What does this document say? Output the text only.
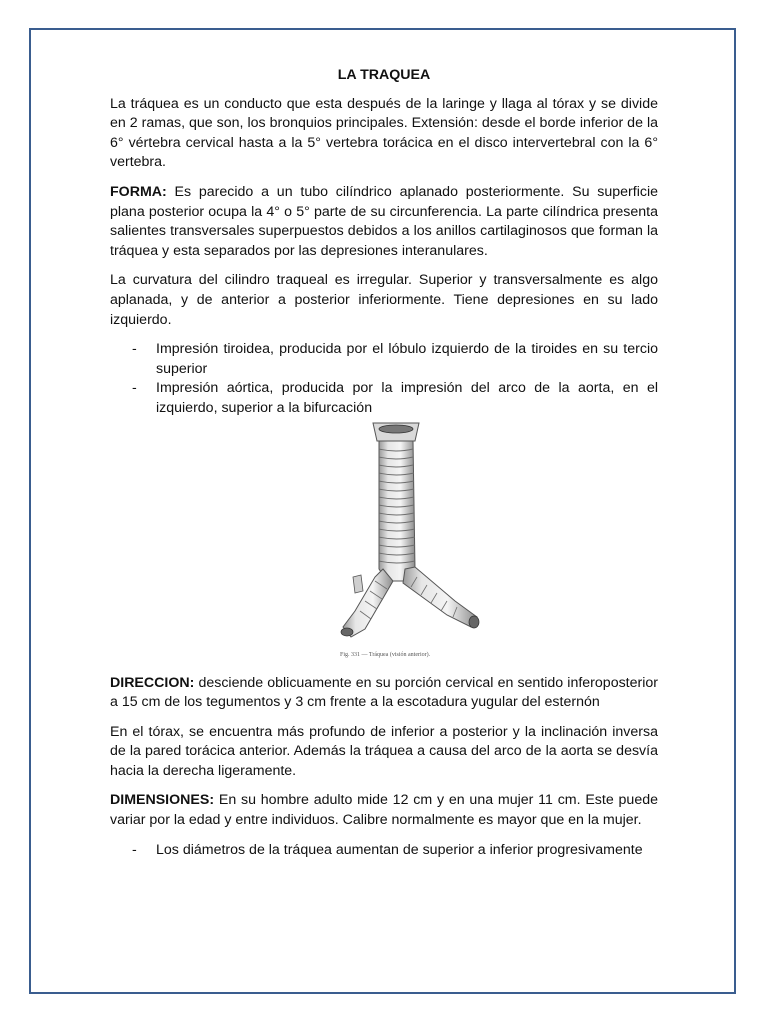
LA TRAQUEA

La tráquea es un conducto que esta después de la laringe y llaga al tórax y se divide en 2 ramas, que son, los bronquios principales. Extensión: desde el borde inferior de la 6° vértebra cervical hasta a la 5° vertebra torácica en el disco intervertebral con la 6° vertebra.

FORMA: Es parecido a un tubo cilíndrico aplanado posteriormente. Su superficie plana posterior ocupa la 4° o 5° parte de su circunferencia. La parte cilíndrica presenta salientes transversales superpuestos debidos a los anillos cartilaginosos que forman la tráquea y esta separados por las depresiones interanulares.

La curvatura del cilindro traqueal es irregular. Superior y transversalmente es algo aplanada, y de anterior a posterior inferiormente. Tiene depresiones en su lado izquierdo.

- Impresión tiroidea, producida por el lóbulo izquierdo de la tiroides en su tercio superior
- Impresión aórtica, producida por la impresión del arco de la aorta, en el izquierdo, superior a la bifurcación
Fig. 331 — Tráquea (visión anterior).

DIRECCION: desciende oblicuamente en su porción cervical en sentido inferoposterior a 15 cm de los tegumentos y 3 cm frente a la escotadura yugular del esternón

En el tórax, se encuentra más profundo de inferior a posterior y la inclinación inversa de la pared torácica anterior. Además la tráquea a causa del arco de la aorta se desvía hacia la derecha ligeramente.

DIMENSIONES: En su hombre adulto mide 12 cm y en una mujer 11 cm. Este puede variar por la edad y entre individuos. Calibre normalmente es mayor que en la mujer.

- Los diámetros de la tráquea aumentan de superior a inferior progresivamente
